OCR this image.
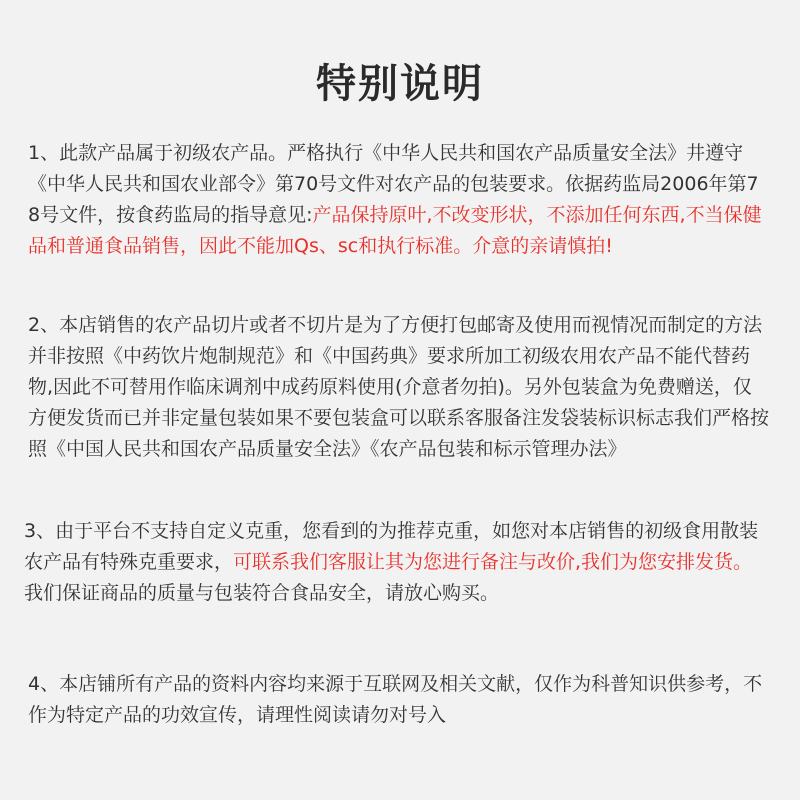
特别说明
1、此款产品属于初级农产品。严格执行《中华人民共和国农产品质量安全法》井遵守《中华人民共和国农业部令》第70号文件对农产品的包装要求。依据药监局2006年第78号文件，按食药监局的指导意见:产品保持原叶,不改变形状，不添加任何东西,不当保健品和普通食品销售，因此不能加Qs、sc和执行标准。介意的亲请慎拍!
2、本店销售的农产品切片或者不切片是为了方便打包邮寄及使用而视情况而制定的方法并非按照《中药饮片炮制规范》和《中国药典》要求所加工初级农用农产品不能代替药物,因此不可替用作临床调剂中成药原料使用(介意者勿拍)。另外包装盒为免费赠送，仅方便发货而已并非定量包装如果不要包装盒可以联系客服备注发袋装标识标志我们严格按照《中国人民共和国农产品质量安全法》《农产品包装和标示管理办法》
3、由于平台不支持自定义克重，您看到的为推荐克重，如您对本店销售的初级食用散装农产品有特殊克重要求，可联系我们客服让其为您进行备注与改价,我们为您安排发货。我们保证商品的质量与包装符合食品安全，请放心购买。
4、本店铺所有产品的资料内容均来源于互联网及相关文献，仅作为科普知识供参考，不作为特定产品的功效宣传，请理性阅读请勿对号入
